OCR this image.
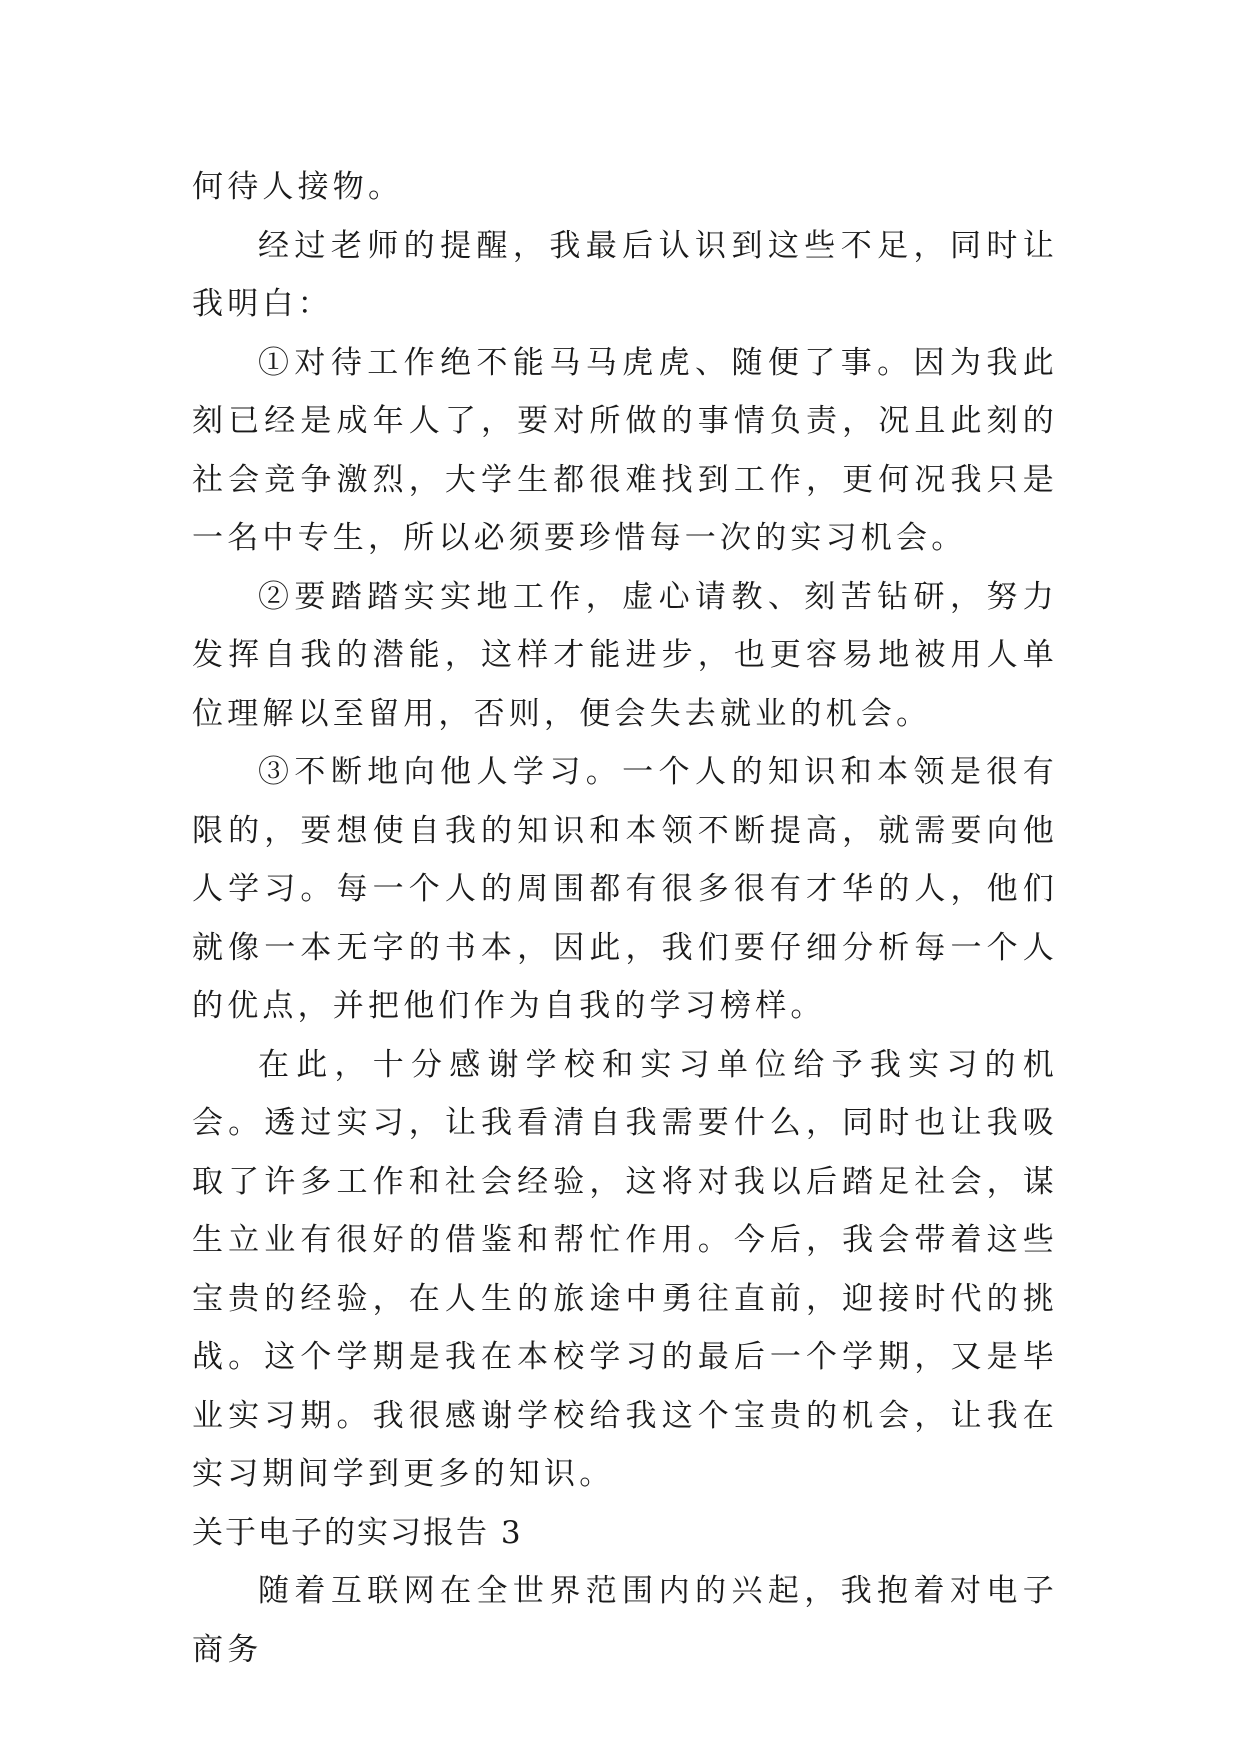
何待人接物。

经过老师的提醒，我最后认识到这些不足，同时让我明白：

①对待工作绝不能马马虎虎、随便了事。因为我此刻已经是成年人了，要对所做的事情负责，况且此刻的社会竞争激烈，大学生都很难找到工作，更何况我只是一名中专生，所以必须要珍惜每一次的实习机会。

②要踏踏实实地工作，虚心请教、刻苦钻研，努力发挥自我的潜能，这样才能进步，也更容易地被用人单位理解以至留用，否则，便会失去就业的机会。

③不断地向他人学习。一个人的知识和本领是很有限的，要想使自我的知识和本领不断提高，就需要向他人学习。每一个人的周围都有很多很有才华的人，他们就像一本无字的书本，因此，我们要仔细分析每一个人的优点，并把他们作为自我的学习榜样。

在此，十分感谢学校和实习单位给予我实习的机会。透过实习，让我看清自我需要什么，同时也让我吸取了许多工作和社会经验，这将对我以后踏足社会，谋生立业有很好的借鉴和帮忙作用。今后，我会带着这些宝贵的经验，在人生的旅途中勇往直前，迎接时代的挑战。这个学期是我在本校学习的最后一个学期，又是毕业实习期。我很感谢学校给我这个宝贵的机会，让我在实习期间学到更多的知识。

关于电子的实习报告 3

随着互联网在全世界范围内的兴起，我抱着对电子商务
